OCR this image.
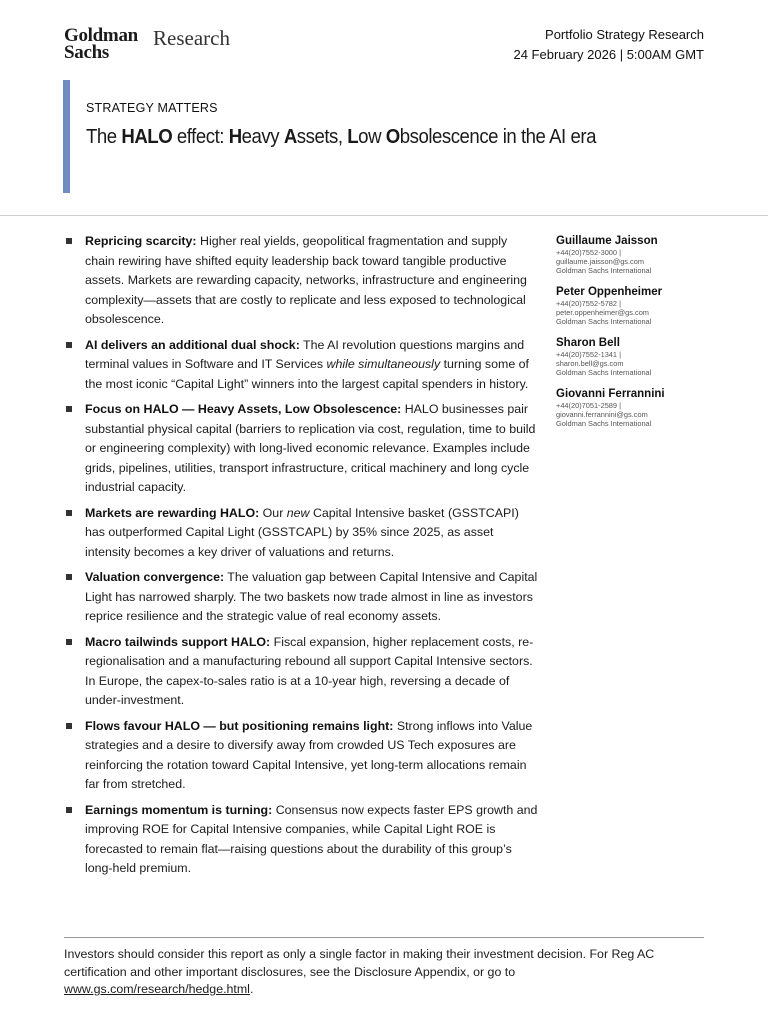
Goldman
Sachs
Research	Portfolio Strategy Research
24 February 2026 | 5:00AM GMT
STRATEGY MATTERS
The HALO effect: Heavy Assets, Low Obsolescence in the AI era
Repricing scarcity: Higher real yields, geopolitical fragmentation and supply chain rewiring have shifted equity leadership back toward tangible productive assets. Markets are rewarding capacity, networks, infrastructure and engineering complexity—assets that are costly to replicate and less exposed to technological obsolescence.
AI delivers an additional dual shock: The AI revolution questions margins and terminal values in Software and IT Services while simultaneously turning some of the most iconic “Capital Light” winners into the largest capital spenders in history.
Focus on HALO — Heavy Assets, Low Obsolescence: HALO businesses pair substantial physical capital (barriers to replication via cost, regulation, time to build or engineering complexity) with long-lived economic relevance. Examples include grids, pipelines, utilities, transport infrastructure, critical machinery and long cycle industrial capacity.
Markets are rewarding HALO: Our new Capital Intensive basket (GSSTCAPI) has outperformed Capital Light (GSSTCAPL) by 35% since 2025, as asset intensity becomes a key driver of valuations and returns.
Valuation convergence: The valuation gap between Capital Intensive and Capital Light has narrowed sharply. The two baskets now trade almost in line as investors reprice resilience and the strategic value of real economy assets.
Macro tailwinds support HALO: Fiscal expansion, higher replacement costs, re-regionalisation and a manufacturing rebound all support Capital Intensive sectors. In Europe, the capex-to-sales ratio is at a 10-year high, reversing a decade of under-investment.
Flows favour HALO — but positioning remains light: Strong inflows into Value strategies and a desire to diversify away from crowded US Tech exposures are reinforcing the rotation toward Capital Intensive, yet long-term allocations remain far from stretched.
Earnings momentum is turning: Consensus now expects faster EPS growth and improving ROE for Capital Intensive companies, while Capital Light ROE is forecasted to remain flat—raising questions about the durability of this group’s long-held premium.
Guillaume Jaisson
+44(20)7552-3000 |
guillaume.jaisson@gs.com
Goldman Sachs International
Peter Oppenheimer
+44(20)7552-5782 |
peter.oppenheimer@gs.com
Goldman Sachs International
Sharon Bell
+44(20)7552-1341 |
sharon.bell@gs.com
Goldman Sachs International
Giovanni Ferrannini
+44(20)7051-2589 |
giovanni.ferrannini@gs.com
Goldman Sachs International
Investors should consider this report as only a single factor in making their investment decision. For Reg AC certification and other important disclosures, see the Disclosure Appendix, or go to www.gs.com/research/hedge.html.
